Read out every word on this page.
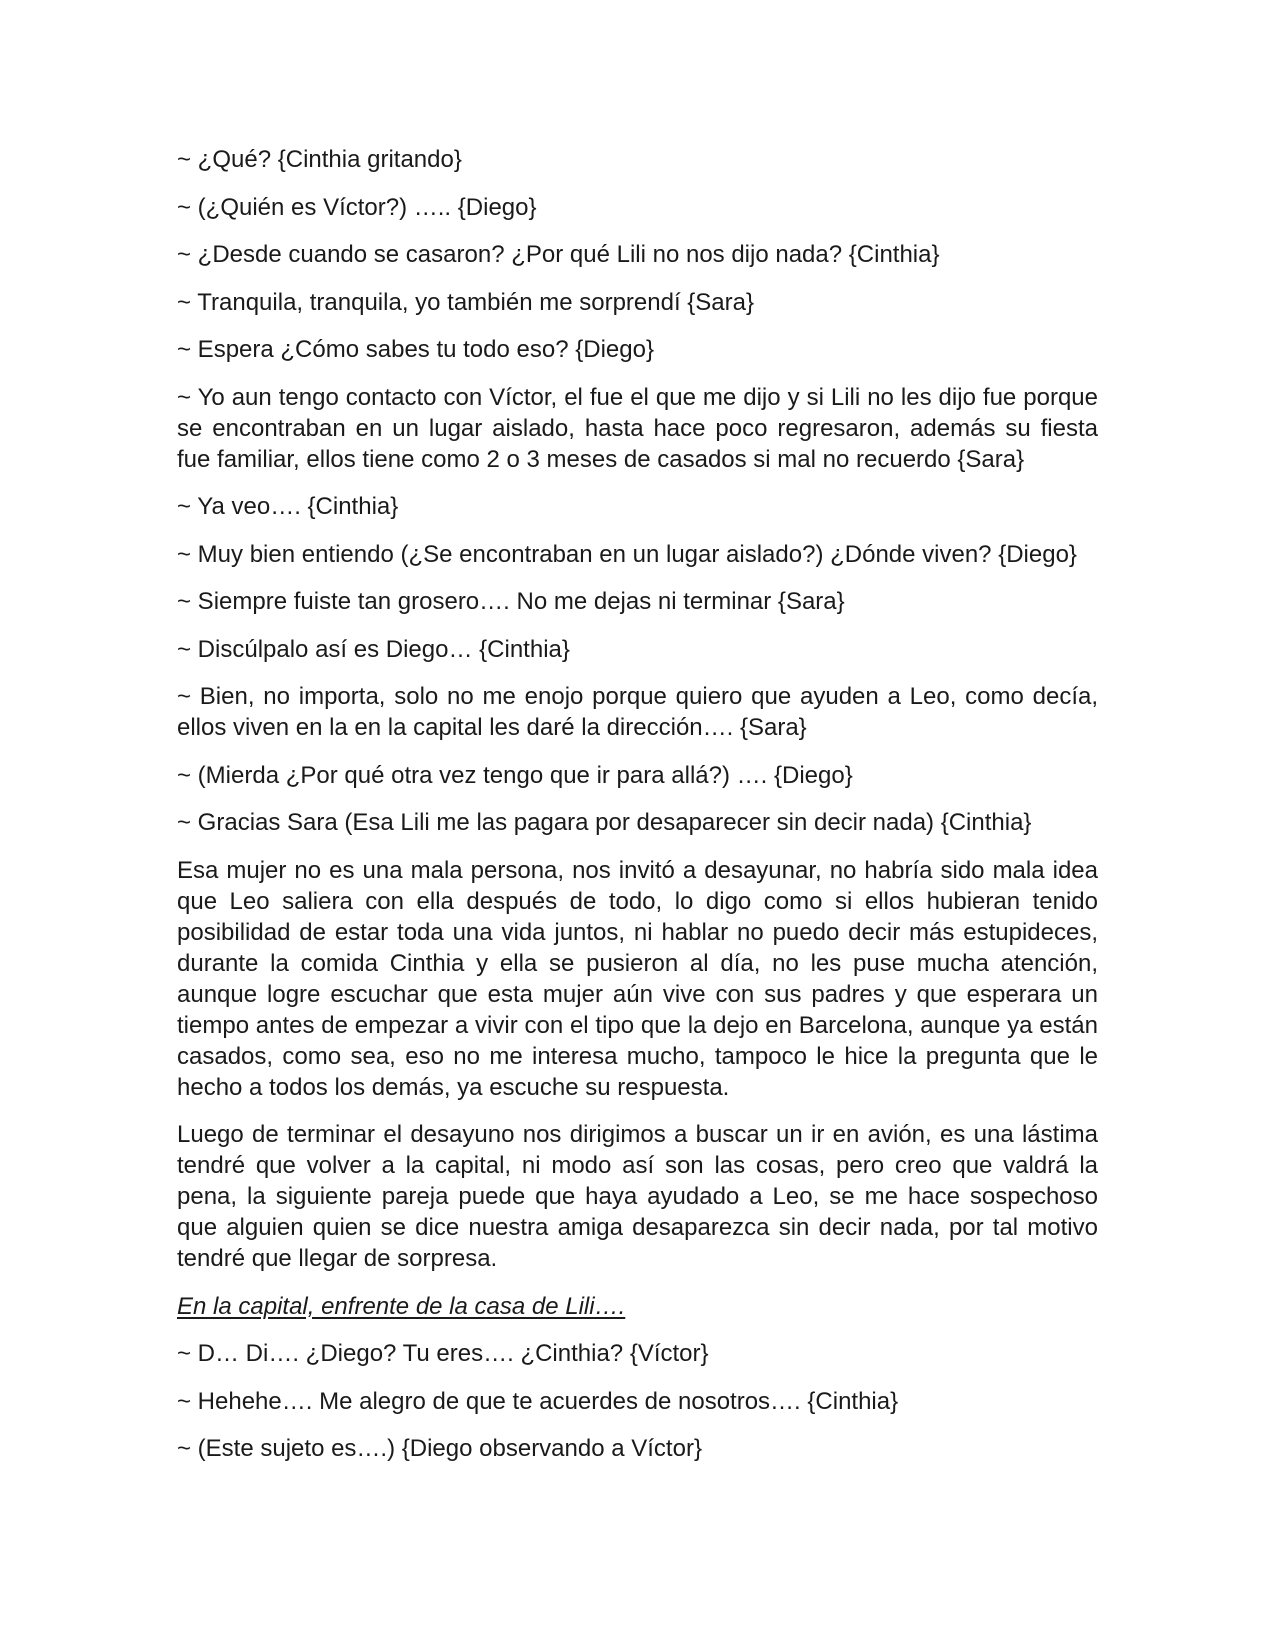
~ ¿Qué? {Cinthia gritando}

~ (¿Quién es Víctor?) ….. {Diego}

~ ¿Desde cuando se casaron? ¿Por qué Lili no nos dijo nada? {Cinthia}

~ Tranquila, tranquila, yo también me sorprendí {Sara}

~ Espera ¿Cómo sabes tu todo eso? {Diego}

~ Yo aun tengo contacto con Víctor, el fue el que me dijo y si Lili no les dijo fue porque se encontraban en un lugar aislado, hasta hace poco regresaron, además su fiesta fue familiar, ellos tiene como 2 o 3 meses de casados si mal no recuerdo {Sara}

~ Ya veo…. {Cinthia}

~ Muy bien entiendo (¿Se encontraban en un lugar aislado?) ¿Dónde viven? {Diego}

~ Siempre fuiste tan grosero…. No me dejas ni terminar {Sara}

~ Discúlpalo así es Diego… {Cinthia}

~ Bien, no importa, solo no me enojo porque quiero que ayuden a Leo, como decía, ellos viven en la en la capital les daré la dirección…. {Sara}

~ (Mierda ¿Por qué otra vez tengo que ir para allá?) …. {Diego}

~ Gracias Sara (Esa Lili me las pagara por desaparecer sin decir nada) {Cinthia}

Esa mujer no es una mala persona, nos invitó a desayunar, no habría sido mala idea que Leo saliera con ella después de todo, lo digo como si ellos hubieran tenido posibilidad de estar toda una vida juntos, ni hablar no puedo decir más estupideces, durante la comida Cinthia y ella se pusieron al día, no les puse mucha atención, aunque logre escuchar que esta mujer aún vive con sus padres y que esperara un tiempo antes de empezar a vivir con el tipo que la dejo en Barcelona, aunque ya están casados, como sea, eso no me interesa mucho, tampoco le hice la pregunta que le hecho a todos los demás, ya escuche su respuesta.

Luego de terminar el desayuno nos dirigimos a buscar un ir en avión, es una lástima tendré que volver a la capital, ni modo así son las cosas, pero creo que valdrá la pena, la siguiente pareja puede que haya ayudado a Leo, se me hace sospechoso que alguien quien se dice nuestra amiga desaparezca sin decir nada, por tal motivo tendré que llegar de sorpresa.

En la capital, enfrente de la casa de Lili….

~ D… Di…. ¿Diego? Tu eres…. ¿Cinthia? {Víctor}

~ Hehehe…. Me alegro de que te acuerdes de nosotros…. {Cinthia}

~ (Este sujeto es….) {Diego observando a Víctor}
